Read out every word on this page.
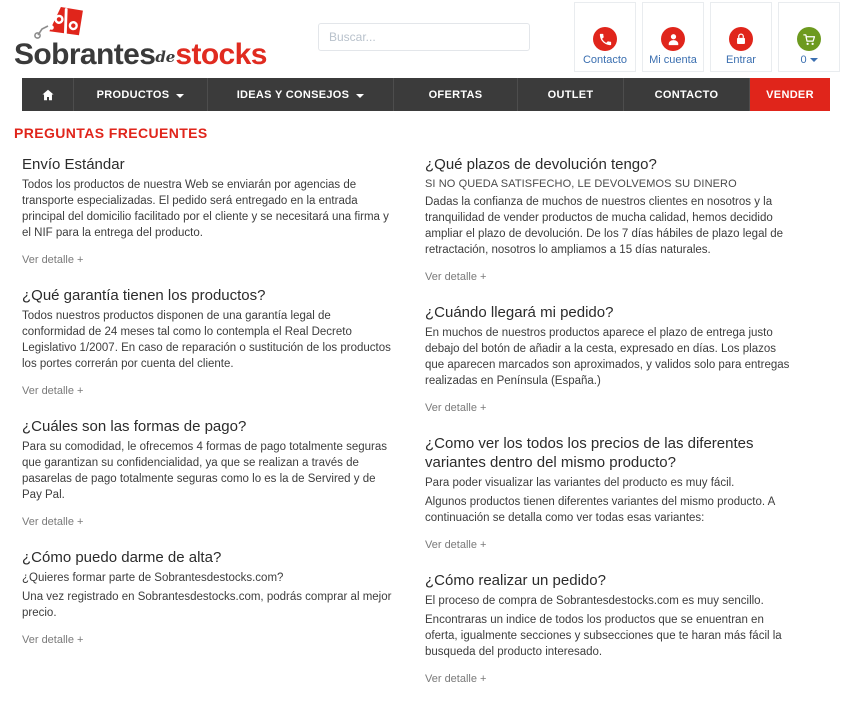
Sobrantesdestocks
Buscar...	Contacto Mi cuenta	Entrar	0
PRODUCTOS	IDEAS Y CONSEJOS	OFERTAS	OUTLET	CONTACTO	VENDER
PREGUNTAS FRECUENTES
Envío Estándar
Todos los productos de nuestra Web se enviarán por agencias de transporte especializadas. El pedido será entregado en la entrada principal del domicilio facilitado por el cliente y se necesitará una firma y el NIF para la entrega del producto.
Ver detalle +
¿Qué garantía tienen los productos?
Todos nuestros productos disponen de una garantía legal de conformidad de 24 meses tal como lo contempla el Real Decreto Legislativo 1/2007. En caso de reparación o sustitución de los productos los portes correrán por cuenta del cliente.
Ver detalle +
¿Cuáles son las formas de pago?
Para su comodidad, le ofrecemos 4 formas de pago totalmente seguras que garantizan su confidencialidad, ya que se realizan a través de pasarelas de pago totalmente seguras como lo es la de Servired y de Pay Pal.
Ver detalle +
¿Cómo puedo darme de alta?
¿Quieres formar parte de Sobrantesdestocks.com?
Una vez registrado en Sobrantesdestocks.com, podrás comprar al mejor precio.
Ver detalle +
¿Qué plazos de devolución tengo?
SI NO QUEDA SATISFECHO, LE DEVOLVEMOS SU DINERO
Dadas la confianza de muchos de nuestros clientes en nosotros y la tranquilidad de vender productos de mucha calidad, hemos decidido ampliar el plazo de devolución. De los 7 días hábiles de plazo legal de retractación, nosotros lo ampliamos a 15 días naturales.
Ver detalle +
¿Cuándo llegará mi pedido?
En muchos de nuestros productos aparece el plazo de entrega justo debajo del botón de añadir a la cesta, expresado en días. Los plazos que aparecen marcados son aproximados, y validos solo para entregas realizadas en Península (España.)
Ver detalle +
¿Como ver los todos los precios de las diferentes variantes dentro del mismo producto?
Para poder visualizar las variantes del producto es muy fácil.
Algunos productos tienen diferentes variantes del mismo producto. A continuación se detalla como ver todas esas variantes:
Ver detalle +
¿Cómo realizar un pedido?
El proceso de compra de Sobrantesdestocks.com es muy sencillo.
Encontraras un indice de todos los productos que se enuentran en oferta, igualmente secciones y subsecciones que te haran más fácil la busqueda del producto interesado.
Ver detalle +
